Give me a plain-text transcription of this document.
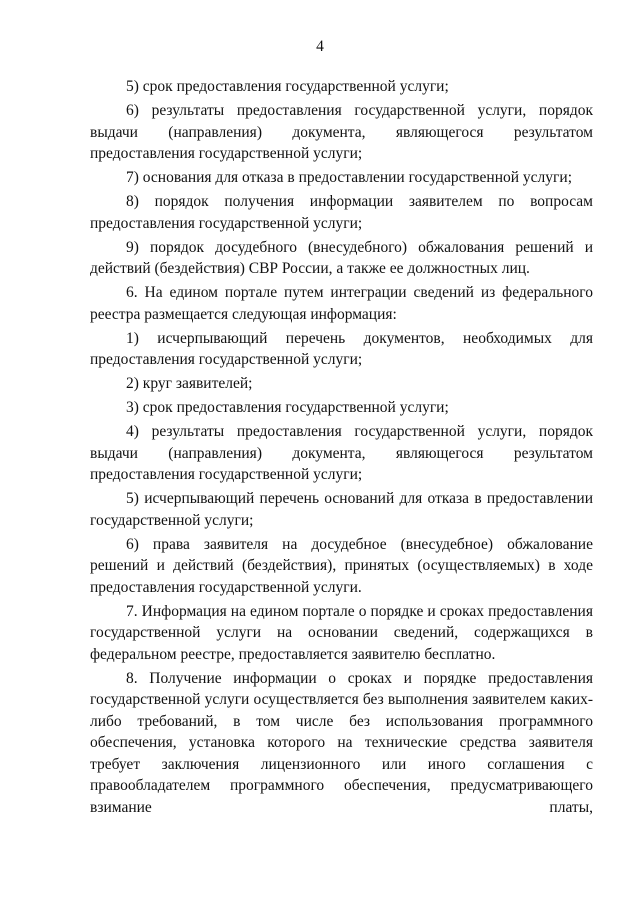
4

5) срок предоставления государственной услуги;

6) результаты предоставления государственной услуги, порядок выдачи (направления) документа, являющегося результатом предоставления государственной услуги;

7) основания для отказа в предоставлении государственной услуги;

8) порядок получения информации заявителем по вопросам предоставления государственной услуги;

9) порядок досудебного (внесудебного) обжалования решений и действий (бездействия) СВР России, а также ее должностных лиц.

6. На едином портале путем интеграции сведений из федерального реестра размещается следующая информация:

1) исчерпывающий перечень документов, необходимых для предоставления государственной услуги;

2) круг заявителей;

3) срок предоставления государственной услуги;

4) результаты предоставления государственной услуги, порядок выдачи (направления) документа, являющегося результатом предоставления государственной услуги;

5) исчерпывающий перечень оснований для отказа в предоставлении государственной услуги;

6) права заявителя на досудебное (внесудебное) обжалование решений и действий (бездействия), принятых (осуществляемых) в ходе предоставления государственной услуги.

7. Информация на едином портале о порядке и сроках предоставления государственной услуги на основании сведений, содержащихся в федеральном реестре, предоставляется заявителю бесплатно.

8. Получение информации о сроках и порядке предоставления государственной услуги осуществляется без выполнения заявителем каких-либо требований, в том числе без использования программного обеспечения, установка которого на технические средства заявителя требует заключения лицензионного или иного соглашения с правообладателем программного обеспечения, предусматривающего взимание платы,
